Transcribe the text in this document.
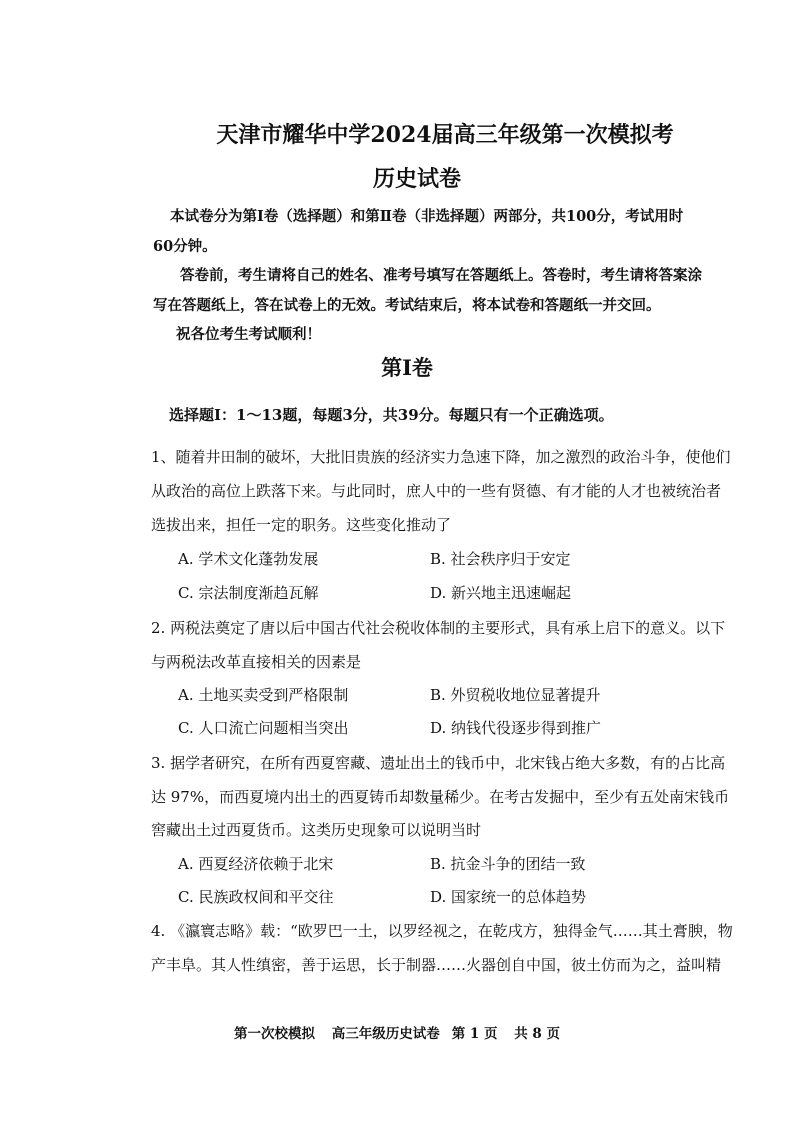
天津市耀华中学2024届高三年级第一次模拟考
历史试卷
本试卷分为第Ⅰ卷（选择题）和第Ⅱ卷（非选择题）两部分，共100分，考试用时
60分钟。
答卷前，考生请将自己的姓名、准考号填写在答题纸上。答卷时，考生请将答案涂
写在答题纸上，答在试卷上的无效。考试结束后，将本试卷和答题纸一并交回。
祝各位考生考试顺利！
第Ⅰ卷
选择题Ⅰ：1～13题，每题3分，共39分。每题只有一个正确选项。
1、随着井田制的破坏，大批旧贵族的经济实力急速下降，加之激烈的政治斗争，使他们
从政治的高位上跌落下来。与此同时，庶人中的一些有贤德、有才能的人才也被统治者
选拔出来，担任一定的职务。这些变化推动了
A. 学术文化蓬勃发展	B. 社会秩序归于安定
C. 宗法制度渐趋瓦解	D. 新兴地主迅速崛起
2. 两税法奠定了唐以后中国古代社会税收体制的主要形式，具有承上启下的意义。以下
与两税法改革直接相关的因素是
A. 土地买卖受到严格限制	B. 外贸税收地位显著提升
C. 人口流亡问题相当突出	D. 纳钱代役逐步得到推广
3. 据学者研究，在所有西夏窖藏、遗址出土的钱币中，北宋钱占绝大多数，有的占比高
达 97%，而西夏境内出土的西夏铸币却数量稀少。在考古发掘中，至少有五处南宋钱币
窖藏出土过西夏货币。这类历史现象可以说明当时
A. 西夏经济依赖于北宋	B. 抗金斗争的团结一致
C. 民族政权间和平交往	D. 国家统一的总体趋势
4. 《瀛寰志略》载：“欧罗巴一土，以罗经视之，在乾戌方，独得金气……其土膏腴，物
产丰阜。其人性缜密，善于运思，长于制器……火器创自中国，彼土仿而为之，益叫精
第一次校模拟 高三年级历史试卷 第 1 页 共 8 页
